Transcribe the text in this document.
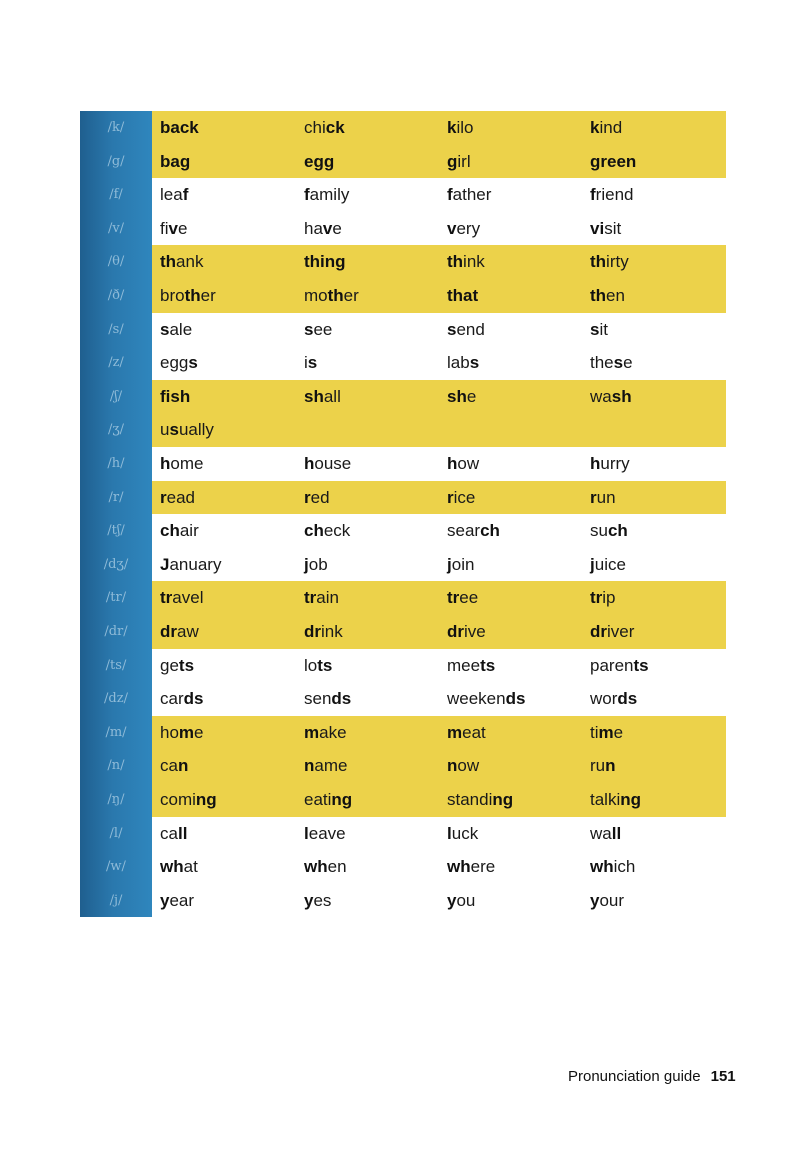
/k/	back	chick	kilo	kind
/g/	bag	egg	girl	green
/f/	leaf	family	father	friend
/v/	five	have	very	visit
/θ/	thank	thing	think	thirty
/ð/	brother	mother	that	then
/s/	sale	see	send	sit
/z/	eggs	is	labs	these
/ʃ/	fish	shall	she	wash
/ʒ/	usually
/h/	home	house	how	hurry
/r/	read	red	rice	run
/tʃ/	chair	check	search	such
/dʒ/	January	job	join	juice
/tr/	travel	train	tree	trip
/dr/	draw	drink	drive	driver
/ts/	gets	lots	meets	parents
/dz/	cards	sends	weekends	words
/m/	home	make	meat	time
/n/	can	name	now	run
/ŋ/	coming	eating	standing	talking
/l/	call	leave	luck	wall
/w/	what	when	where	which
/j/	year	yes	you	your
Pronunciation guide 151
